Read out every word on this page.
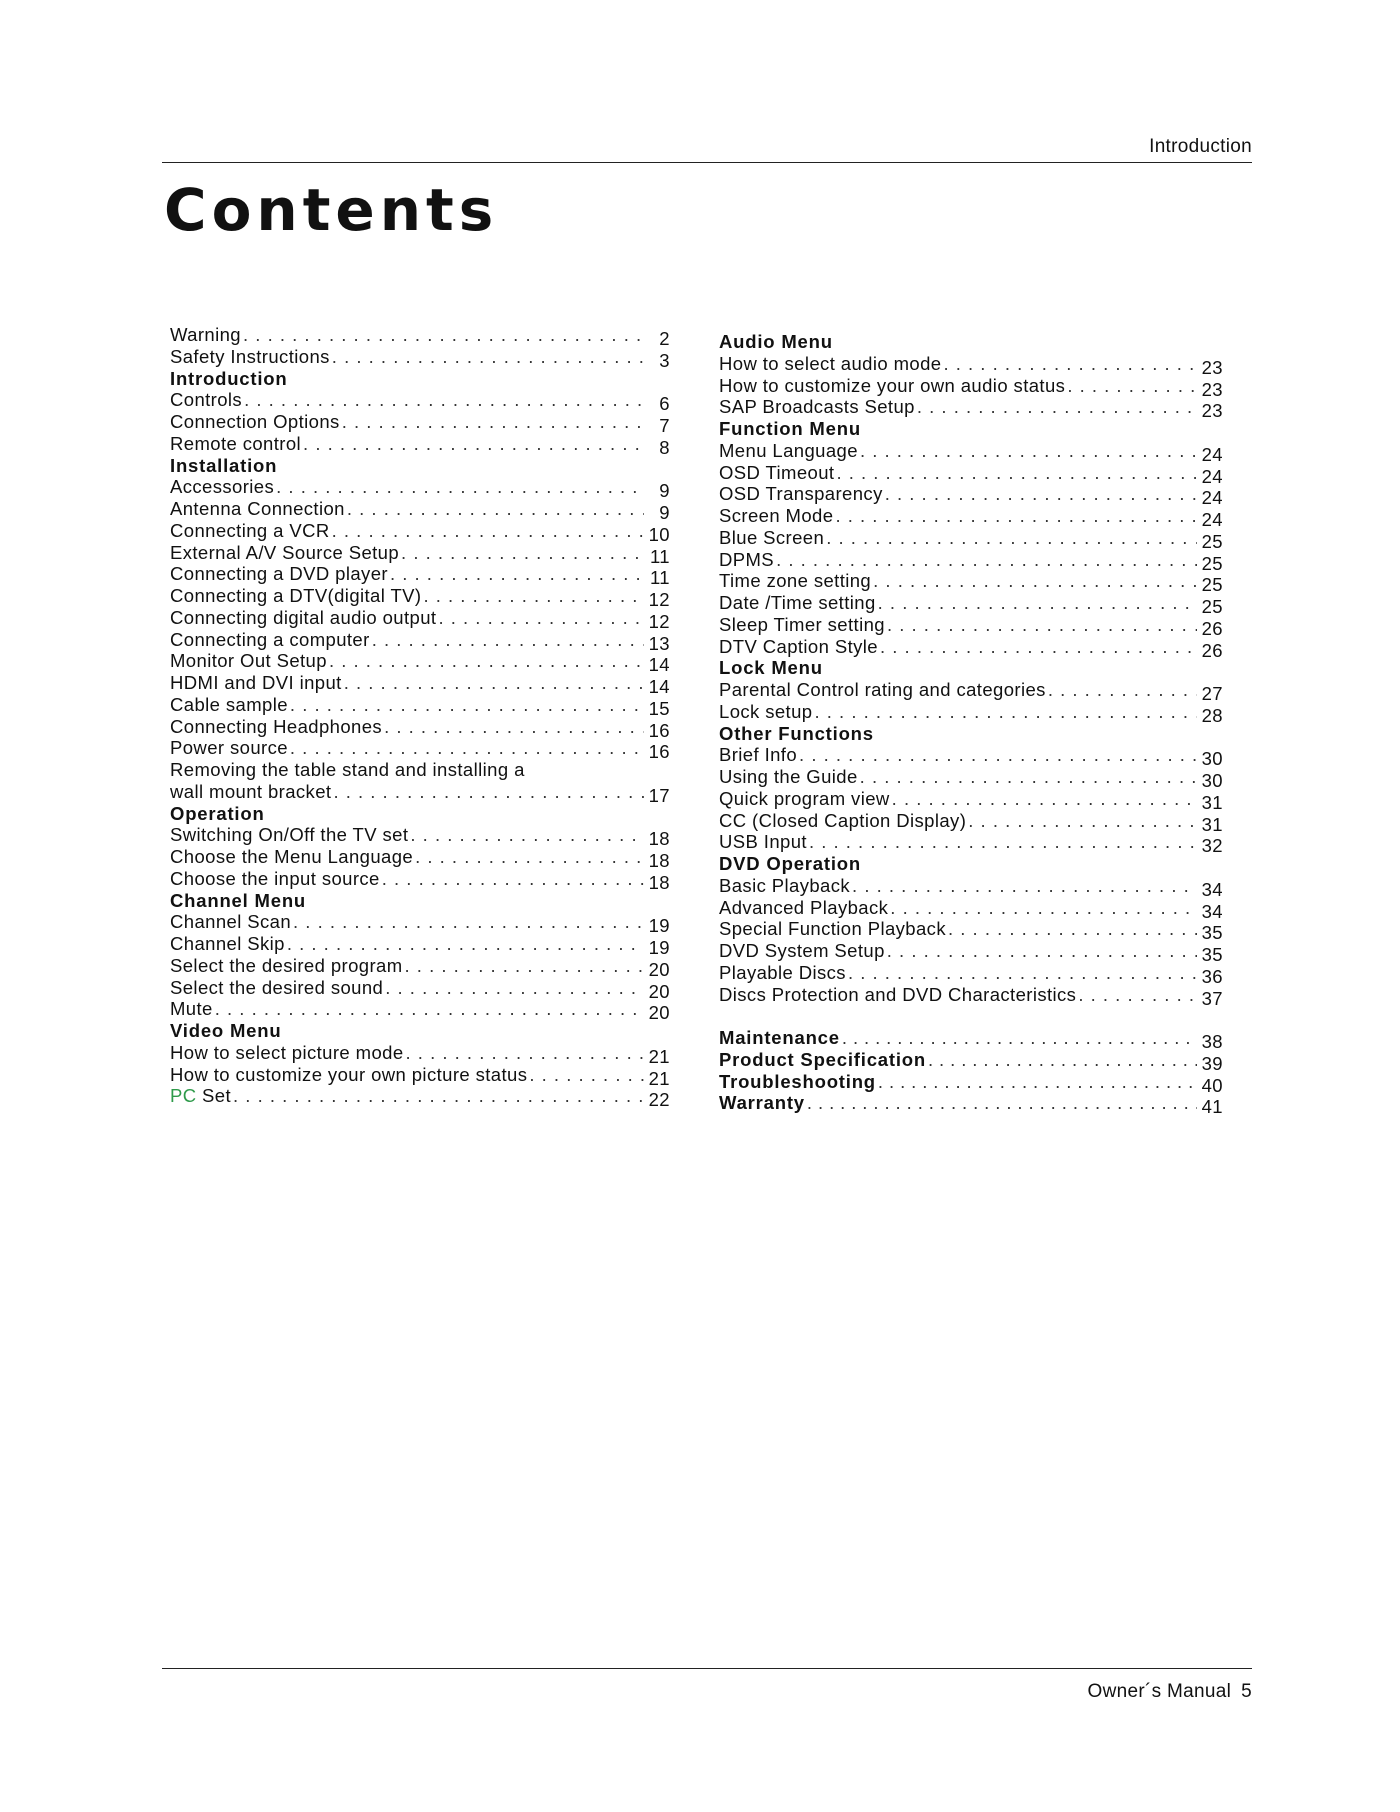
Introduction
Contents
Warning . . .	2
Safety Instructions . . .	3
Introduction
Controls . . .	6
Connection Options . . .	7
Remote control . . .	8
Installation
Accessories . . .	9
Antenna Connection . . .	9
Connecting a VCR . . .	10
External A/V Source Setup . . .	11
Connecting a DVD player . . .	11
Connecting a DTV(digital TV) . . .	12
Connecting digital audio output . . .	12
Connecting a computer . . .	13
Monitor Out Setup . . .	14
HDMI and DVI input . . .	14
Cable sample . . .	15
Connecting Headphones . . .	16
Power source . . .	16
Removing the table stand and installing a
wall mount bracket . . .	17
Operation
Switching On/Off the TV set . . .	18
Choose the Menu Language . . .	18
Choose the input source . . .	18
Channel Menu
Channel Scan . . .	19
Channel Skip . . .	19
Select the desired program . . .	20
Select the desired sound . . .	20
Mute . . .	20
Video Menu
How to select picture mode . . .	21
How to customize your own picture status . . .	21
PC Set . . .	22
Audio Menu
How to select audio mode . . .	23
How to customize your own audio status . . .	23
SAP Broadcasts Setup . . .	23
Function Menu
Menu Language . . .	24
OSD Timeout . . .	24
OSD Transparency . . .	24
Screen Mode . . .	24
Blue Screen . . .	25
DPMS . . .	25
Time zone setting . . .	25
Date /Time setting . . .	25
Sleep Timer setting . . .	26
DTV Caption Style . . .	26
Lock Menu
Parental Control rating and categories . . .	27
Lock setup . . .	28
Other Functions
Brief Info . . .	30
Using the Guide . . .	30
Quick program view . . .	31
CC (Closed Caption Display) . . .	31
USB Input . . .	32
DVD Operation
Basic Playback . . .	34
Advanced Playback . . .	34
Special Function Playback . . .	35
DVD System Setup . . .	35
Playable Discs . . .	36
Discs Protection and DVD Characteristics . . .	37
Maintenance . . .	38
Product Specification . . .	39
Troubleshooting . . .	40
Warranty . . .	41
Owner´s Manual 5
